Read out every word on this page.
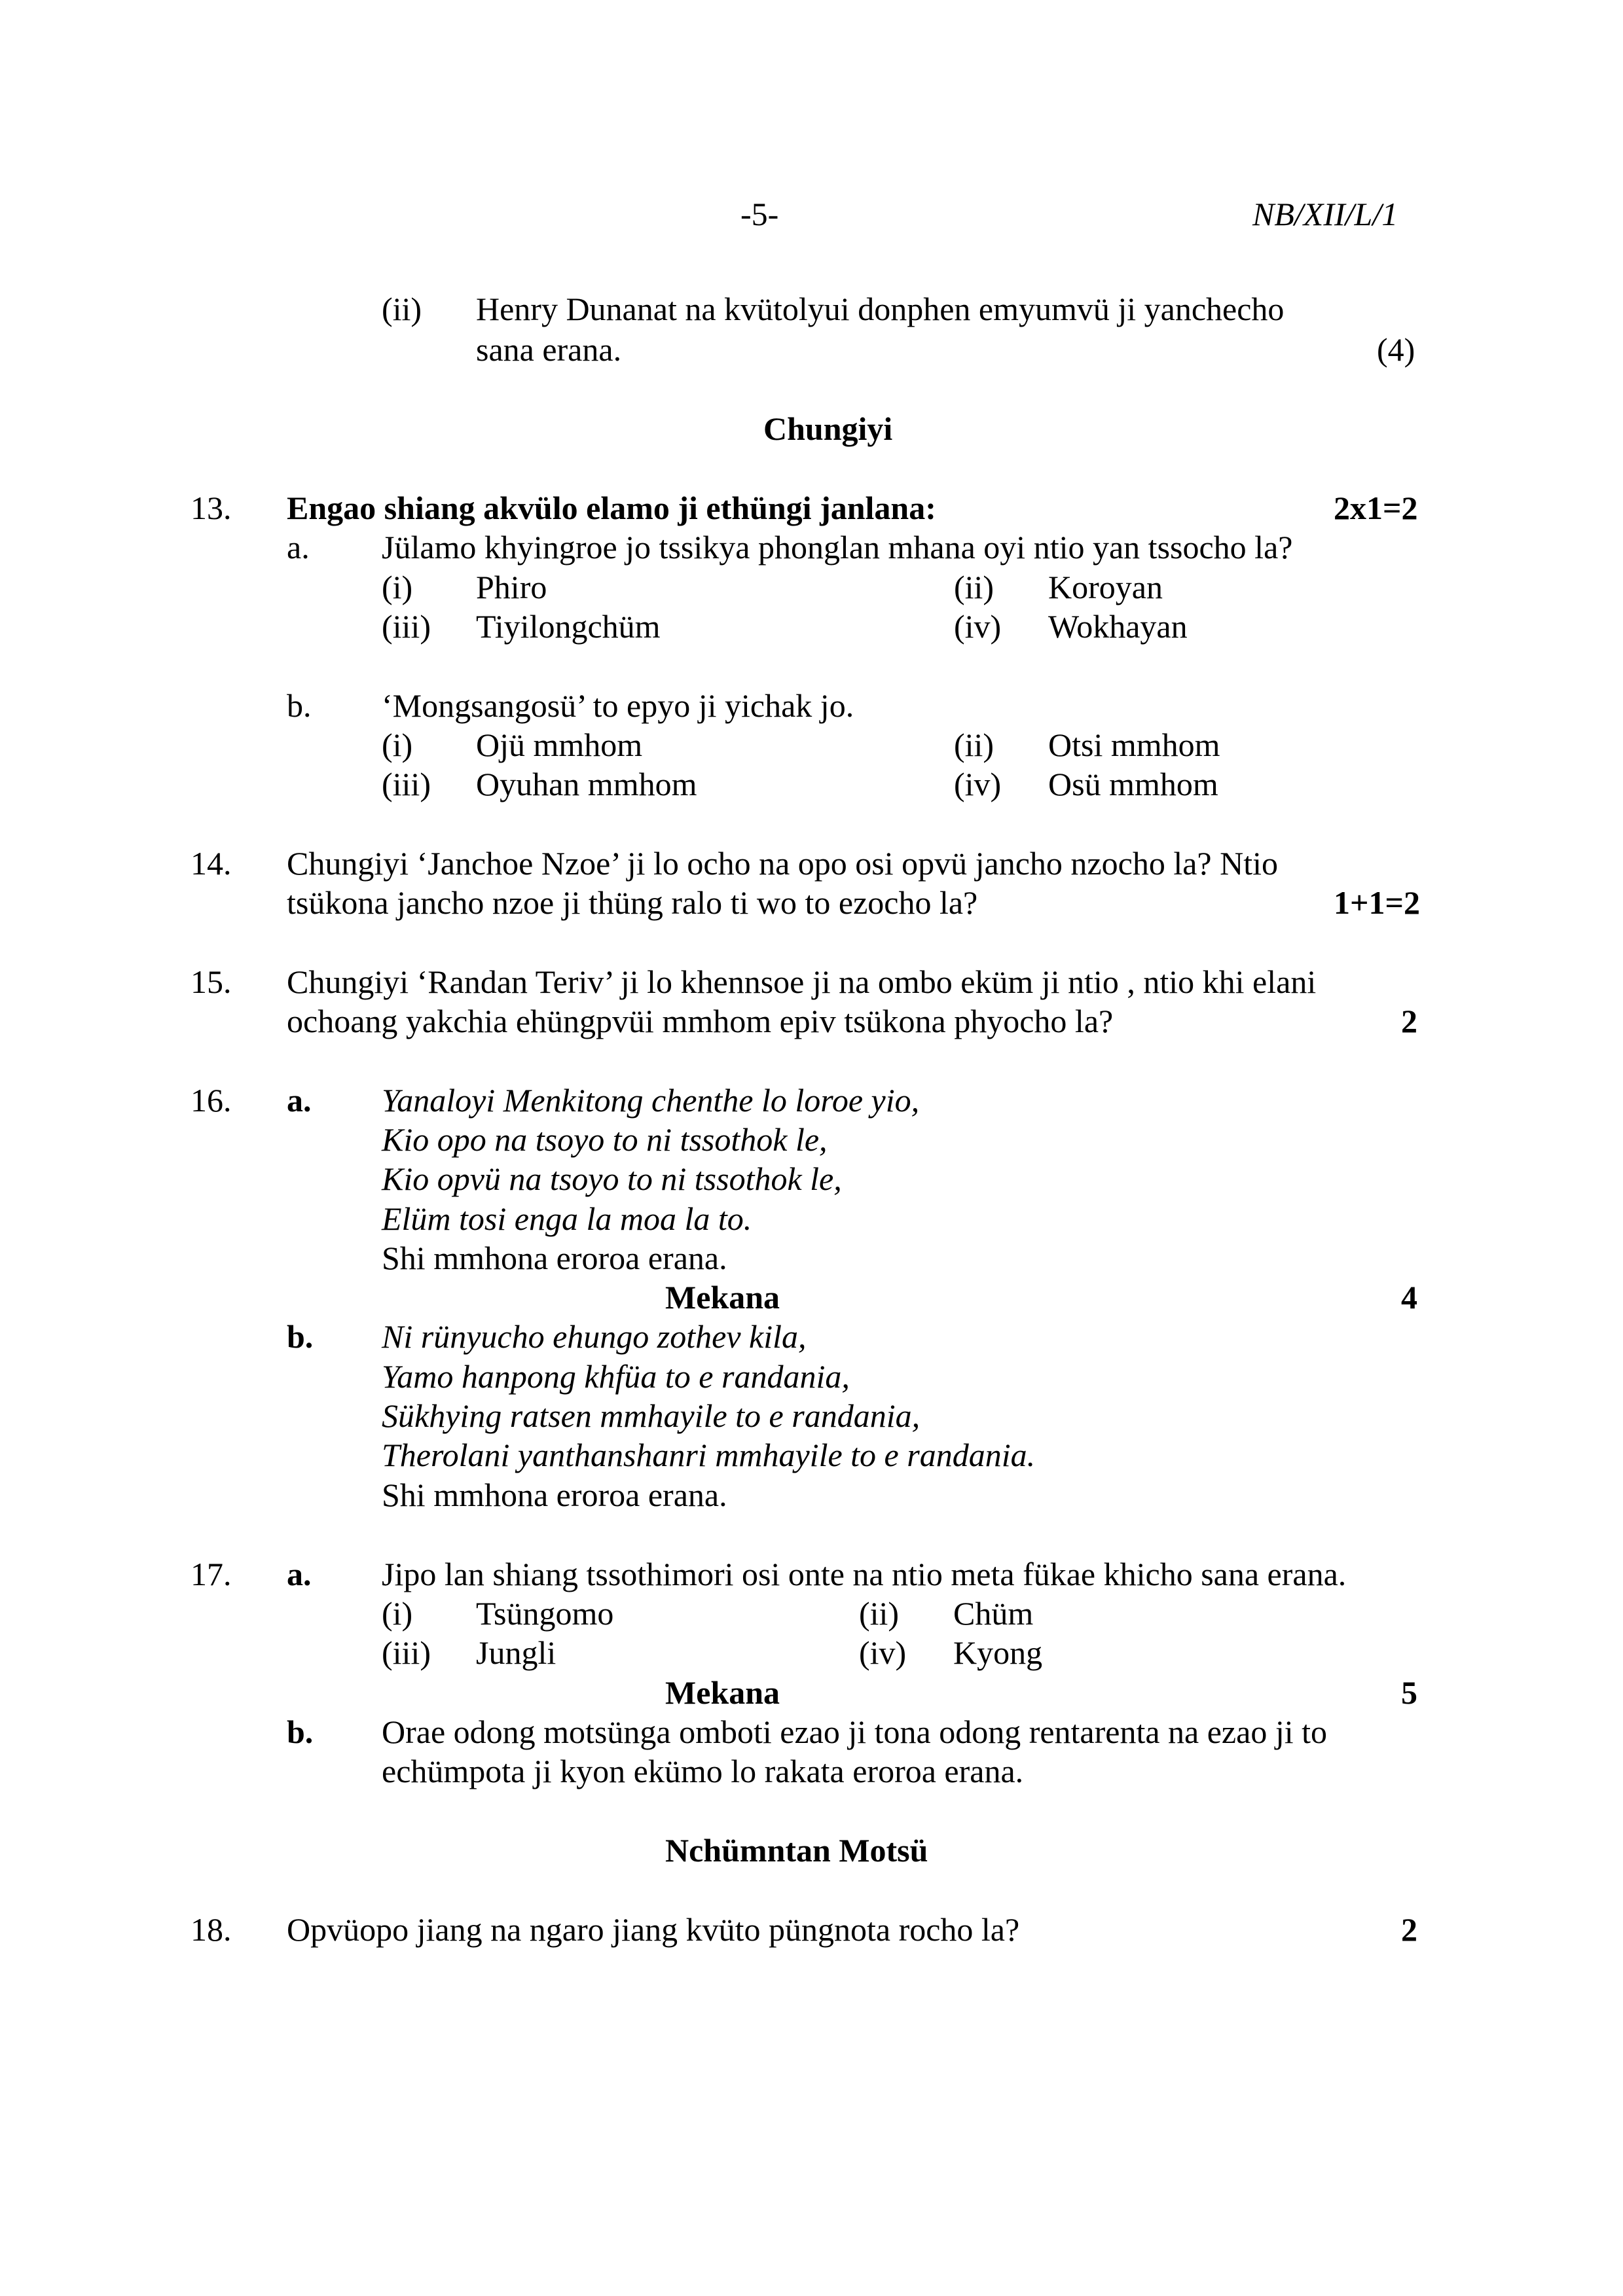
-5-	NB/XII/L/1
(ii) Henry Dunanat na kvütolyui donphen emyumvü ji yanchecho
sana erana.	(4)
Chungiyi
13. Engao shiang akvülo elamo ji ethüngi janlana:	2x1=2
a. Jülamo khyingroe jo tssikya phonglan mhana oyi ntio yan tssocho la?
(i) Phiro	(ii) Koroyan
(iii) Tiyilongchüm	(iv) Wokhayan
b. ‘Mongsangosü’ to epyo ji yichak jo.
(i) Ojü mmhom	(ii) Otsi mmhom
(iii) Oyuhan mmhom	(iv) Osü mmhom
14. Chungiyi ‘Janchoe Nzoe’ ji lo ocho na opo osi opvü jancho nzocho la? Ntio
tsükona jancho nzoe ji thüng ralo ti wo to ezocho la?	1+1=2
15. Chungiyi ‘Randan Teriv’ ji lo khennsoe ji na ombo eküm ji ntio , ntio khi elani
ochoang yakchia ehüngpvüi mmhom epiv tsükona phyocho la?	2
16. a. Yanaloyi Menkitong chenthe lo loroe yio,
Kio opo na tsoyo to ni tssothok le,
Kio opvü na tsoyo to ni tssothok le,
Elüm tosi enga la moa la to.
Shi mmhona eroroa erana.
Mekana	4
b. Ni rünyucho ehungo zothev kila,
Yamo hanpong khfüa to e randania,
Sükhying ratsen mmhayile to e randania,
Therolani yanthanshanri mmhayile to e randania.
Shi mmhona eroroa erana.
17. a. Jipo lan shiang tssothimori osi onte na ntio meta fükae khicho sana erana.
(i) Tsüngomo	(ii) Chüm
(iii) Jungli	(iv) Kyong
Mekana	5
b. Orae odong motsünga omboti ezao ji tona odong rentarenta na ezao ji to
echümpota ji kyon ekümo lo rakata eroroa erana.
Nchümntan Motsü
18. Opvüopo jiang na ngaro jiang kvüto püngnota rocho la?	2
